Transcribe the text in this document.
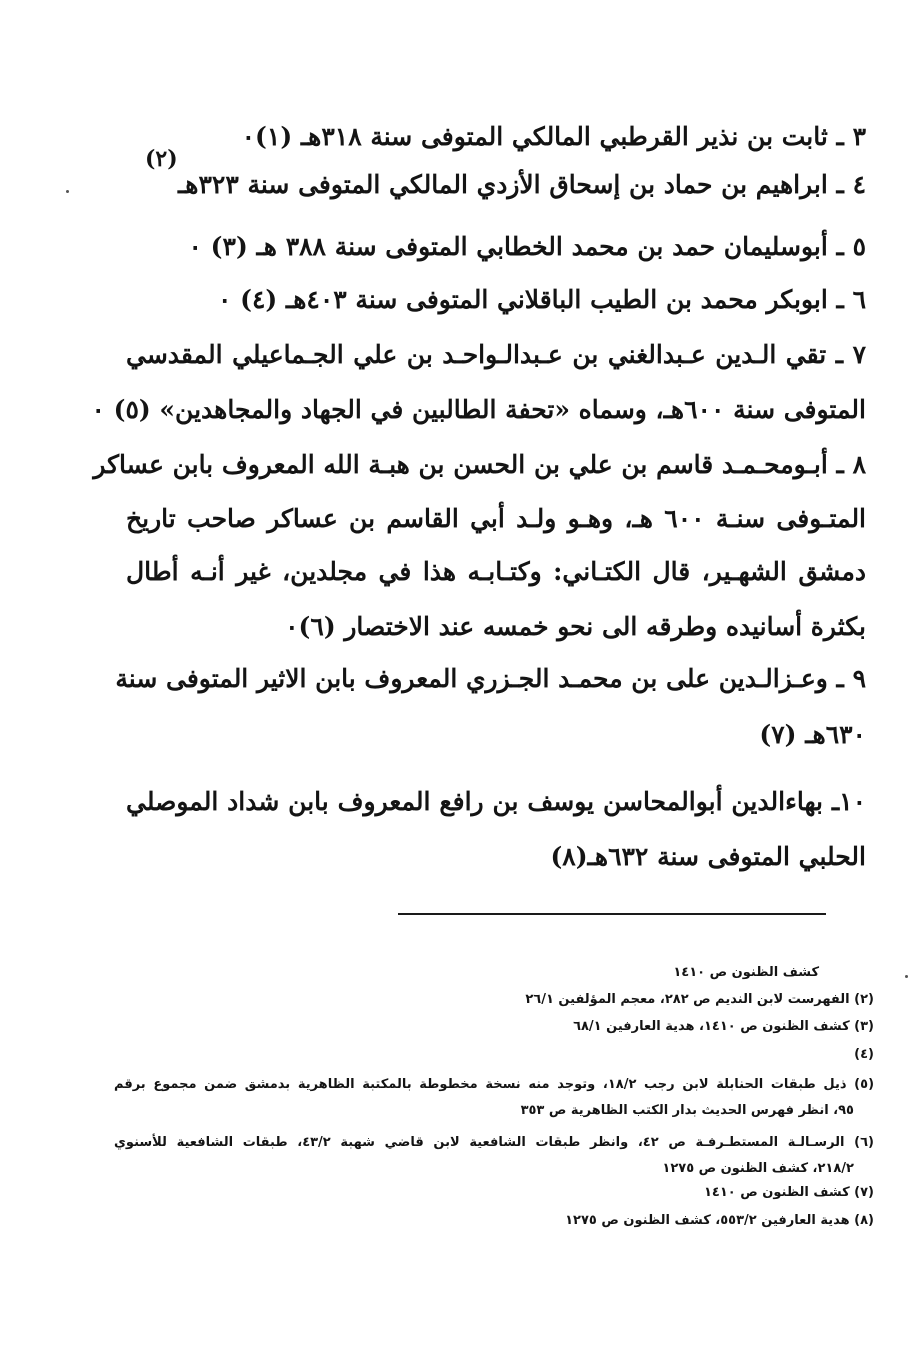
٣ ـ ثابت بن نذير القرطبي المالكي المتوفى سنة ٣١٨هـ (١)٠
٤ ـ ابراهيم بن حماد بن إسحاق الأزدي المالكي المتوفى سنة ٣٢٣هـ
(٢)
٥ ـ أبوسليمان حمد بن محمد الخطابي المتوفى سنة ٣٨٨ هـ (٣) ٠
٦ ـ ابوبكر محمد بن الطيب الباقلاني المتوفى سنة ٤٠٣هـ (٤) ٠
٧ ـ تقي الـدين عـبدالغني بن عـبدالـواحـد بن علي الجـماعيلي المقدسي
المتوفى سنة ٦٠٠هـ، وسماه «تحفة الطالبين في الجهاد والمجاهدين» (٥) ٠
٨ ـ أبـومحـمـد قاسم بن علي بن الحسن بن هبـة الله المعروف بابن عساكر
المتـوفى سنـة ٦٠٠ هـ، وهـو ولـد أبي القاسم بن عساكر صاحب تاريخ
دمشق الشهـير، قال الكتـاني: وكتـابـه هذا في مجلدين، غير أنـه أطال
بكثرة أسانيده وطرقه الى نحو خمسه عند الاختصار (٦)٠
٩ ـ وعـزالـدين على بن محمـد الجـزري المعروف بابن الاثير المتوفى سنة
٦٣٠هـ (٧)
١٠ـ بهاءالدين أبوالمحاسن يوسف بن رافع المعروف بابن شداد الموصلي
الحلبي المتوفى سنة ٦٣٢هـ(٨)
كشف الظنون ص ١٤١٠
(٢) الفهرست لابن النديم ص ٢٨٢، معجم المؤلفين ٢٦/١
(٣) كشف الظنون ص ١٤١٠، هدية العارفين ٦٨/١
(٤)
(٥) ذيل طبقات الحنابلة لابن رجب ١٨/٢، وتوجد منه نسخة مخطوطة بالمكتبة الظاهرية بدمشق ضمن مجموع برقم
٩٥، انظر فهرس الحديث بدار الكتب الظاهرية ص ٣٥٣
(٦) الرسـالـة المستطـرفـة ص ٤٢، وانظر طبقات الشافعية لابن قاضي شهبة ٤٣/٢، طبقات الشافعية للأسنوي
٢١٨/٢، كشف الظنون ص ١٢٧٥
(٧) كشف الظنون ص ١٤١٠
(٨) هدية العارفين ٥٥٣/٢، كشف الظنون ص ١٢٧٥
